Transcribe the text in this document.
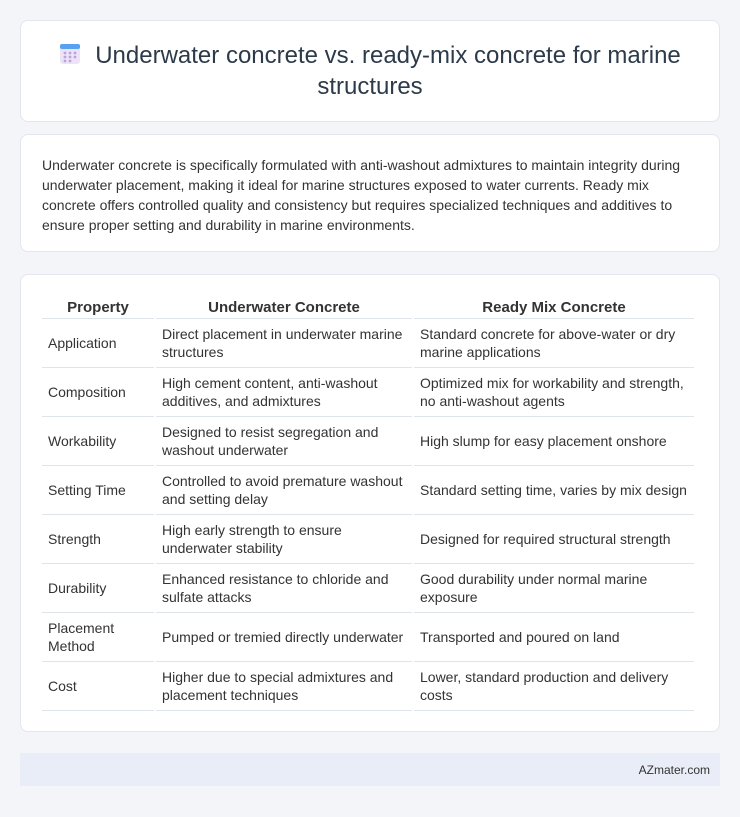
Underwater concrete vs. ready-mix concrete for marine structures

Underwater concrete is specifically formulated with anti-washout admixtures to maintain integrity during underwater placement, making it ideal for marine structures exposed to water currents. Ready mix concrete offers controlled quality and consistency but requires specialized techniques and additives to ensure proper setting and durability in marine environments.

Property	Underwater Concrete	Ready Mix Concrete
Application	Direct placement in underwater marine structures	Standard concrete for above-water or dry marine applications
Composition	High cement content, anti-washout additives, and admixtures	Optimized mix for workability and strength, no anti-washout agents
Workability	Designed to resist segregation and washout underwater	High slump for easy placement onshore
Setting Time	Controlled to avoid premature washout and setting delay	Standard setting time, varies by mix design
Strength	High early strength to ensure underwater stability	Designed for required structural strength
Durability	Enhanced resistance to chloride and sulfate attacks	Good durability under normal marine exposure
Placement Method	Pumped or tremied directly underwater	Transported and poured on land
Cost	Higher due to special admixtures and placement techniques	Lower, standard production and delivery costs
AZmater.com
